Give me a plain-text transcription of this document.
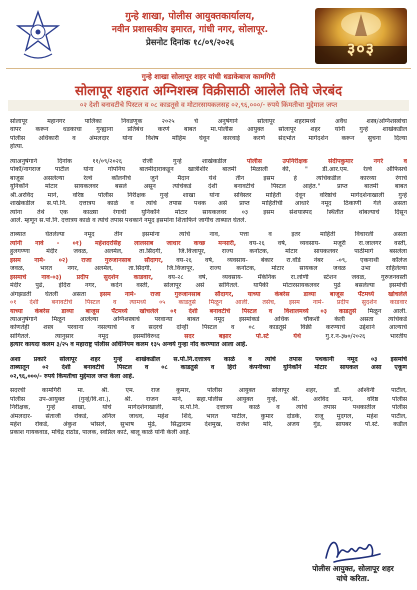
गुन्हे शाखा, पोलीस आयुक्तकार्यालय,
नवीन प्रशासकीय इमारत, गांधी नगर, सोलापूर.
प्रेसनोट दिनांक १८/०९/२०२६	३०३
गुन्हे शाखा सोलापूर शहर यांची धडाकेबाज कामगिरी
सोलापूर शहरात अग्निशस्त्र विक्रीसाठी आलेले तिघे जेरबंद
०२ देशी बनावटीचे पिस्टल व ०८ काडतूसे व मोटारसायकलसह ०२,९६,०००/- रुपये किंमतीचा मुद्देमाल जप्त
सोलापूर महानगर पालिका निवडणूक २०२५ चे अनुषंगाने सोलापूर शहरामध्ये अवैध शस्त्र/अग्निशस्त्रांचा
वापर करून धडकाचा गुन्ह्याना प्रतिबंध करणे बाबत मा.पोलीस आयुक्त सोलापूर शहर यांनी गुन्हे शाखेकडील
पोलीस अधिकारी व अंमलदार यांना विशेष मोहिम घेवून कारवाई करणे संदर्भात मार्गदर्शन करून सुचना दिल्या
होत्या.
त्याअनुषंगाने दिनांक ११/०९/२०२६ रोजी गुन्हे शाखेकडील पोलीस उपनिरीक्षक संदीपकुमार नगरे व
पोकॉ/नागराज पाटील यांना गोपनिय बातमीदाराकडून खात्रीशीर बातमी मिळाली की, " डी.आर.एम. रेल्वे ऑफिसचे
बाजूस असलेल्या रेल्वे कॉलनीचे जुने मैदान येथे तीन इसम हे त्यांचेकडील कारव्या रंगाचे
युनिकॉर्न मोटार सायकलवर बसले असून त्यांचेकडे देशी बनावटीचे पिस्टल आहेत." प्राप्त बातमी बाबत
श्री.अरविंद माने, वरिष्ठ पोलीस निरीक्षक गुन्हे शाखा यांना सविस्तर माहिती देवून वरिष्ठांचे मार्गदर्शनाखाली गुन्हे
शाखेकडील स.पो.नि. दत्तात्रय काळे व त्यांचे तपास पथक असे प्राप्त माहितीची आधारे नमूद ठिकाणी गेले असता
त्यांना तेथे एक काळ्या रंगाची युनिकॉर्न मोटार सायकलवर ०३ इसम संशयास्पद स्थितीत थांबल्याचे दिसून
आले. म्हणून स.पो.नि. दत्तात्रय काळे व त्यांचे तपास पथकाने नमूद इसमांना शिताफिने जागीच ताब्यात घेतले.
ताब्यात घेतलेल्या नमूद तीन इसमांना त्यांचे नाव, पत्ता व इतर माहिती विचारली असता
त्यांनी नावे - ०१) महेशदरसिंह लालसाब जाधार कच्छ मन्सारी, वय-२६ वर्ष, व्यवसाय- मजूरी रा.जालगर वस्ती,
हुलगण्णा मंदीर जवळ, अलमेल, ता.सिंदगी, जि.विजापूर, राज्य कर्नाटक, मोटार सायकलवर पाठीमागे बसलेला
इसम नामे- ०२) राजा गुरुजानसाब सौदागर, वय-२६ वर्ष, व्यवसाय- बेकार रा.वॉर्ड नंबर -०९, एकनाथी कॉलेज
जवळ, भारत नगर, अलमेल, ता.सिंदगी, जि.विजापूर, राज्य कर्नाटक, मोटार सायकल जवळ उभा राहिलेल्या
इसमाचे नाव-०३) प्रदीप सुदर्शन काडवार, वय-२८ वर्ष, व्यवसाय- मॅकेनिक रा.लोणी स्टेशन जवळ, गुरुजनवस्ती
मंदीर पुढे, इंदिरा नगर, कर्दन वस्ती, सोलापूर असे सांगितले. यापैकी मोटारसायकलवर पुढे बसलेल्या इसमांची
अंगझडती घेतली असता इसम नामे- राजा गुरुजानसाब सौदागर, याच्या कंबरेस डाव्या बाजूस पॅंटमध्ये खोचलेले
०१ देशी बनावटीचे पिस्टल व त्यामध्ये ०५ काडतुसे मिळून आली. तसेच, इसम नामे- प्रदीप सुदर्शन काडवार
याच्या कंबरेस डाव्या बाजूस पॅंटमध्ये खोचलेले ०१ देशी बनावटीचे पिस्टल व विशालमध्ये ०३ काडतुसे मिळून आली.
त्याअनुषंगाने मिळून आलेल्या अग्निशस्त्राचे परवान्या बाबत नमूद इसमांकडे अधिक चौकशी केली असता त्यांचेकडे
कोणतेही शस्त्र परवाना नसल्याचे व सदरचे दोन्ही पिस्टल व ०८ काडतूसे विक्री करण्याचे उद्देशाने आल्याचे
सांगितले. त्यानुसार नमूद इसमांविरुध्द सदर बझार पो.स्टे येथे गु.र.न-३७०/२०२६ भारतीय
हत्यार कायदा कलम ३/२५ व महाराष्ट्र पोलीस अधिनियम कलम १३५ अन्वये गुन्हा नोंद करण्यात आला आहे.
अशा प्रकारे सोलापूर शहर गुन्हे शाखेकडील स.पो.नि.दत्तात्रय काळे व त्यांचे तपास पथकानी नमूद ०३ इसमांचे
ताब्यातून ०२ देशी बनावटीचे पिस्टल व ०८ काडतुसे व हिरो कंपनीच्या युनिकॉर्न मोटार सायकल असा एकूण
०२,९६,०००/- रुपये किंमतीचा मुद्देमाल जप्त केला आहे.
सदरची कामगिरी मा. श्री. एम. राज कुमार, पोलीस आयुक्त सोलापूर शहर, डॉ. अश्विनी पाटील,
पोलीस उप-आयुक्त (गुन्हे/वि.शा.), श्री. राजन माने, सहा.पोलीस आयुक्त गुन्हे, श्री. अरविंद माने, वरिष्ठ पोलीस
निरीक्षक, गुन्हे शाखा, यांचे मार्गदर्शनाखाली, स.पो.नि. दत्तात्रय काळे व त्यांचे तपास पथकातील पोलीस
अंमलदार- संताजी रोकडे, अनिल जाधव, महेश शिंदे, भारत पाटील, कुमार दोडके, राजू मुदगल, महेश पाटील,
महेश रोकडे, अंकुश भोसले, सुभाष मुंढे, सिद्धाराम देशमुख, राजेश मोरे, अजय गुंड, सायबर पो.स्टे. कडील
प्रकाश गायकवाड, मचिंद्र राठोड, पालक, स्वप्निल काटे, बालू काळे यांनी केली आहे.
पोलीस आयुक्त, सोलापूर शहर
यांचे करिता.
